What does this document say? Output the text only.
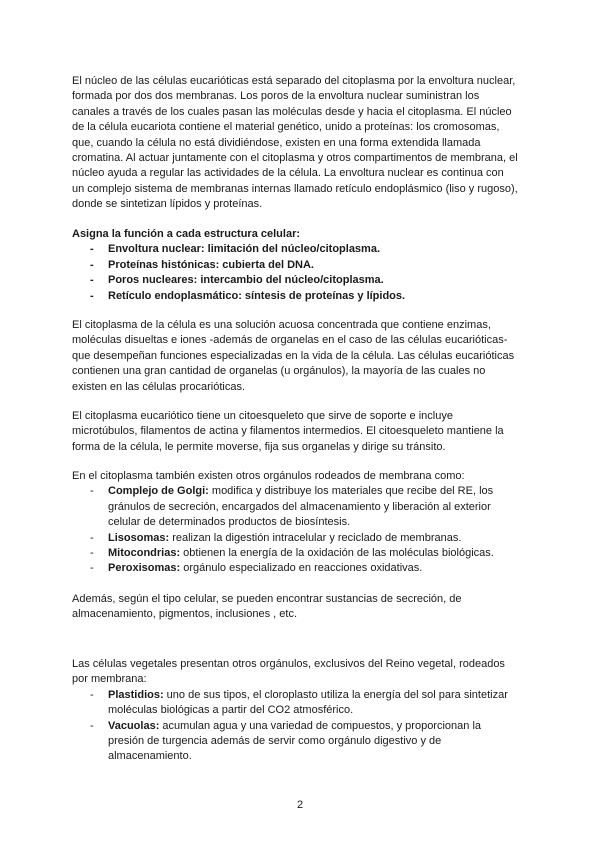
El núcleo de las células eucarióticas está separado del citoplasma por la envoltura nuclear, formada por dos dos membranas. Los poros de la envoltura nuclear suministran los canales a través de los cuales pasan las moléculas desde y hacia el citoplasma. El núcleo de la célula eucariota contiene el material genético, unido a proteínas: los cromosomas, que, cuando la célula no está dividiéndose, existen en una forma extendida llamada cromatina. Al actuar juntamente con el citoplasma y otros compartimentos de membrana, el núcleo ayuda a regular las actividades de la célula. La envoltura nuclear es continua con un complejo sistema de membranas internas llamado retículo endoplásmico (liso y rugoso), donde se sintetizan lípidos y proteínas.

Asigna la función a cada estructura celular:

- Envoltura nuclear: limitación del núcleo/citoplasma.
- Proteínas histónicas: cubierta del DNA.
- Poros nucleares: intercambio del núcleo/citoplasma.
- Retículo endoplasmático: síntesis de proteínas y lípidos.

El citoplasma de la célula es una solución acuosa concentrada que contiene enzimas, moléculas disueltas e iones -además de organelas en el caso de las células eucarióticas- que desempeñan funciones especializadas en la vida de la célula. Las células eucarióticas contienen una gran cantidad de organelas (u orgánulos), la mayoría de las cuales no existen en las células procarióticas.

El citoplasma eucariótico tiene un citoesqueleto que sirve de soporte e incluye microtúbulos, filamentos de actina y filamentos intermedios. El citoesqueleto mantiene la forma de la célula, le permite moverse, fija sus organelas y dirige su tránsito.

En el citoplasma también existen otros orgánulos rodeados de membrana como:

- Complejo de Golgi: modifica y distribuye los materiales que recibe del RE, los gránulos de secreción, encargados del almacenamiento y liberación al exterior celular de determinados productos de biosíntesis.
- Lisosomas: realizan la digestión intracelular y reciclado de membranas.
- Mitocondrias: obtienen la energía de la oxidación de las moléculas biológicas.
- Peroxisomas: orgánulo especializado en reacciones oxidativas.

Además, según el tipo celular, se pueden encontrar sustancias de secreción, de almacenamiento, pigmentos, inclusiones , etc.

Las células vegetales presentan otros orgánulos, exclusivos del Reino vegetal, rodeados por membrana:

- Plastidios: uno de sus tipos, el cloroplasto utiliza la energía del sol para sintetizar moléculas biológicas a partir del CO2 atmosférico.
- Vacuolas: acumulan agua y una variedad de compuestos, y proporcionan la presión de turgencia además de servir como orgánulo digestivo y de almacenamiento.
2
